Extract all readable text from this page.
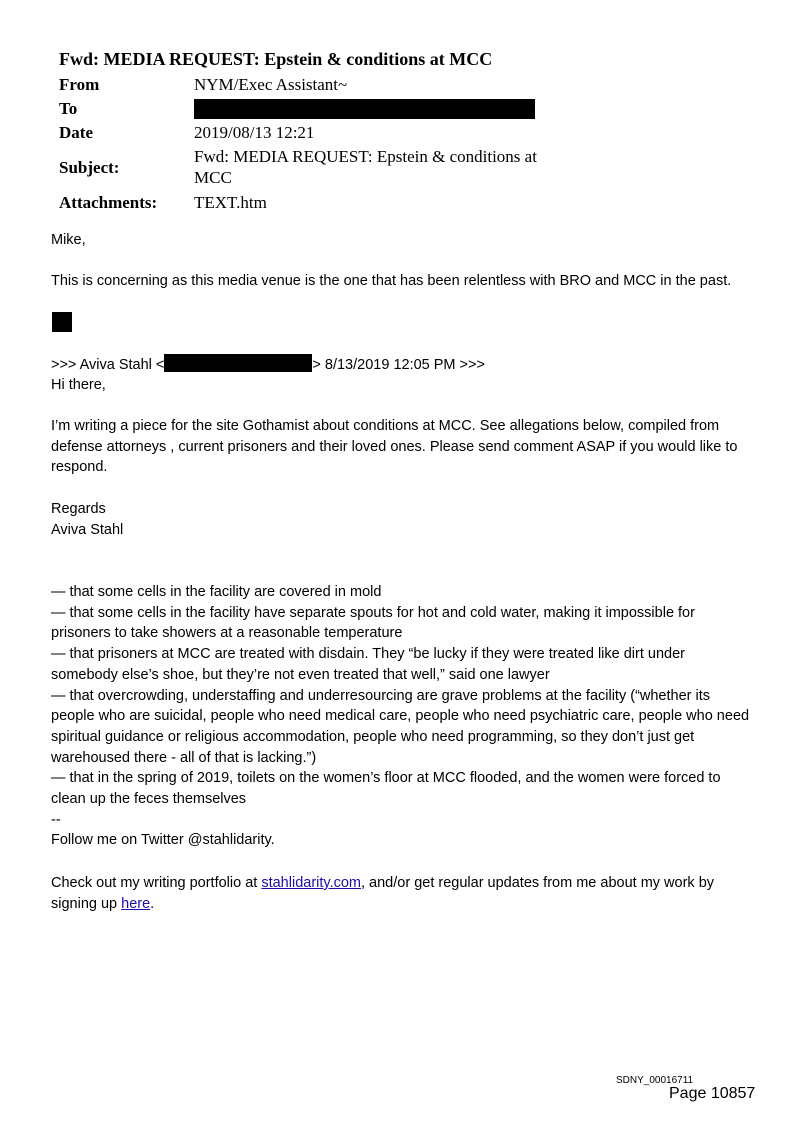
Fwd: MEDIA REQUEST: Epstein & conditions at MCC
From	NYM/Exec Assistant~
To	
Date	2019/08/13 12:21
Subject:	Fwd: MEDIA REQUEST: Epstein & conditions at
MCC

Attachments:	TEXT.htm
Mike,
This is concerning as this media venue is the one that has been relentless with BRO and MCC in the past.
>>> Aviva Stahl <	> 8/13/2019 12:05 PM >>>
Hi there,
I’m writing a piece for the site Gothamist about conditions at MCC. See allegations below, compiled from defense attorneys , current prisoners and their loved ones. Please send comment ASAP if you would like to respond.
Regards
Aviva Stahl

— that some cells in the facility are covered in mold

— that some cells in the facility have separate spouts for hot and cold water, making it impossible for prisoners to take showers at a reasonable temperature

— that prisoners at MCC are treated with disdain. They “be lucky if they were treated like dirt under somebody else’s shoe, but they’re not even treated that well,” said one lawyer

— that overcrowding, understaffing and underresourcing are grave problems at the facility (“whether its people who are suicidal, people who need medical care, people who need psychiatric care, people who need spiritual guidance or religious accommodation, people who need programming, so they don’t just get warehoused there - all of that is lacking.”)

— that in the spring of 2019, toilets on the women’s floor at MCC flooded, and the women were forced to clean up the feces themselves

--

Follow me on Twitter @stahlidarity.

Check out my writing portfolio at stahlidarity.com, and/or get regular updates from me about my work by signing up here.
SDNY_00016711
Page 10857
